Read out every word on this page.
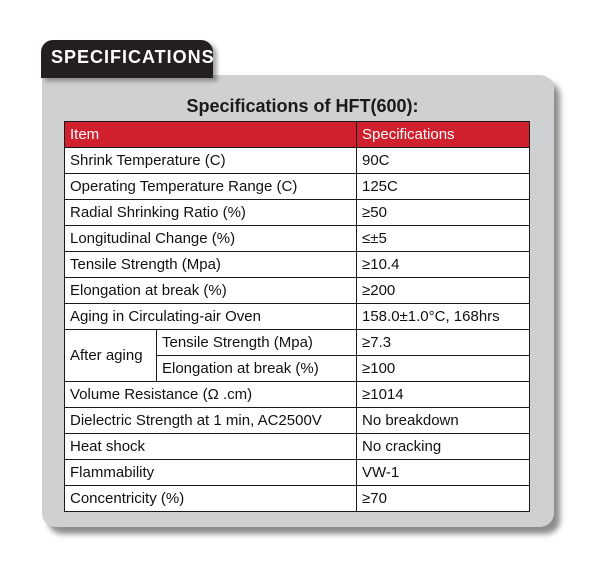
SPECIFICATIONS
Specifications of HFT(600):
Item		Specifications
Shrink Temperature (C)		90C
Operating Temperature Range (C)		125C
Radial Shrinking Ratio (%)		≥50
Longitudinal Change (%)		≤±5
Tensile Strength (Mpa)		≥10.4
Elongation at break (%)		≥200
Aging in Circulating-air Oven		158.0±1.0°C, 168hrs
After aging	Tensile Strength (Mpa)	≥7.3
	Elongation at break (%)	≥100
Volume Resistance (Ω .cm)		≥1014
Dielectric Strength at 1 min, AC2500V		No breakdown
Heat shock		No cracking
Flammability		VW-1
Concentricity (%)		≥70
